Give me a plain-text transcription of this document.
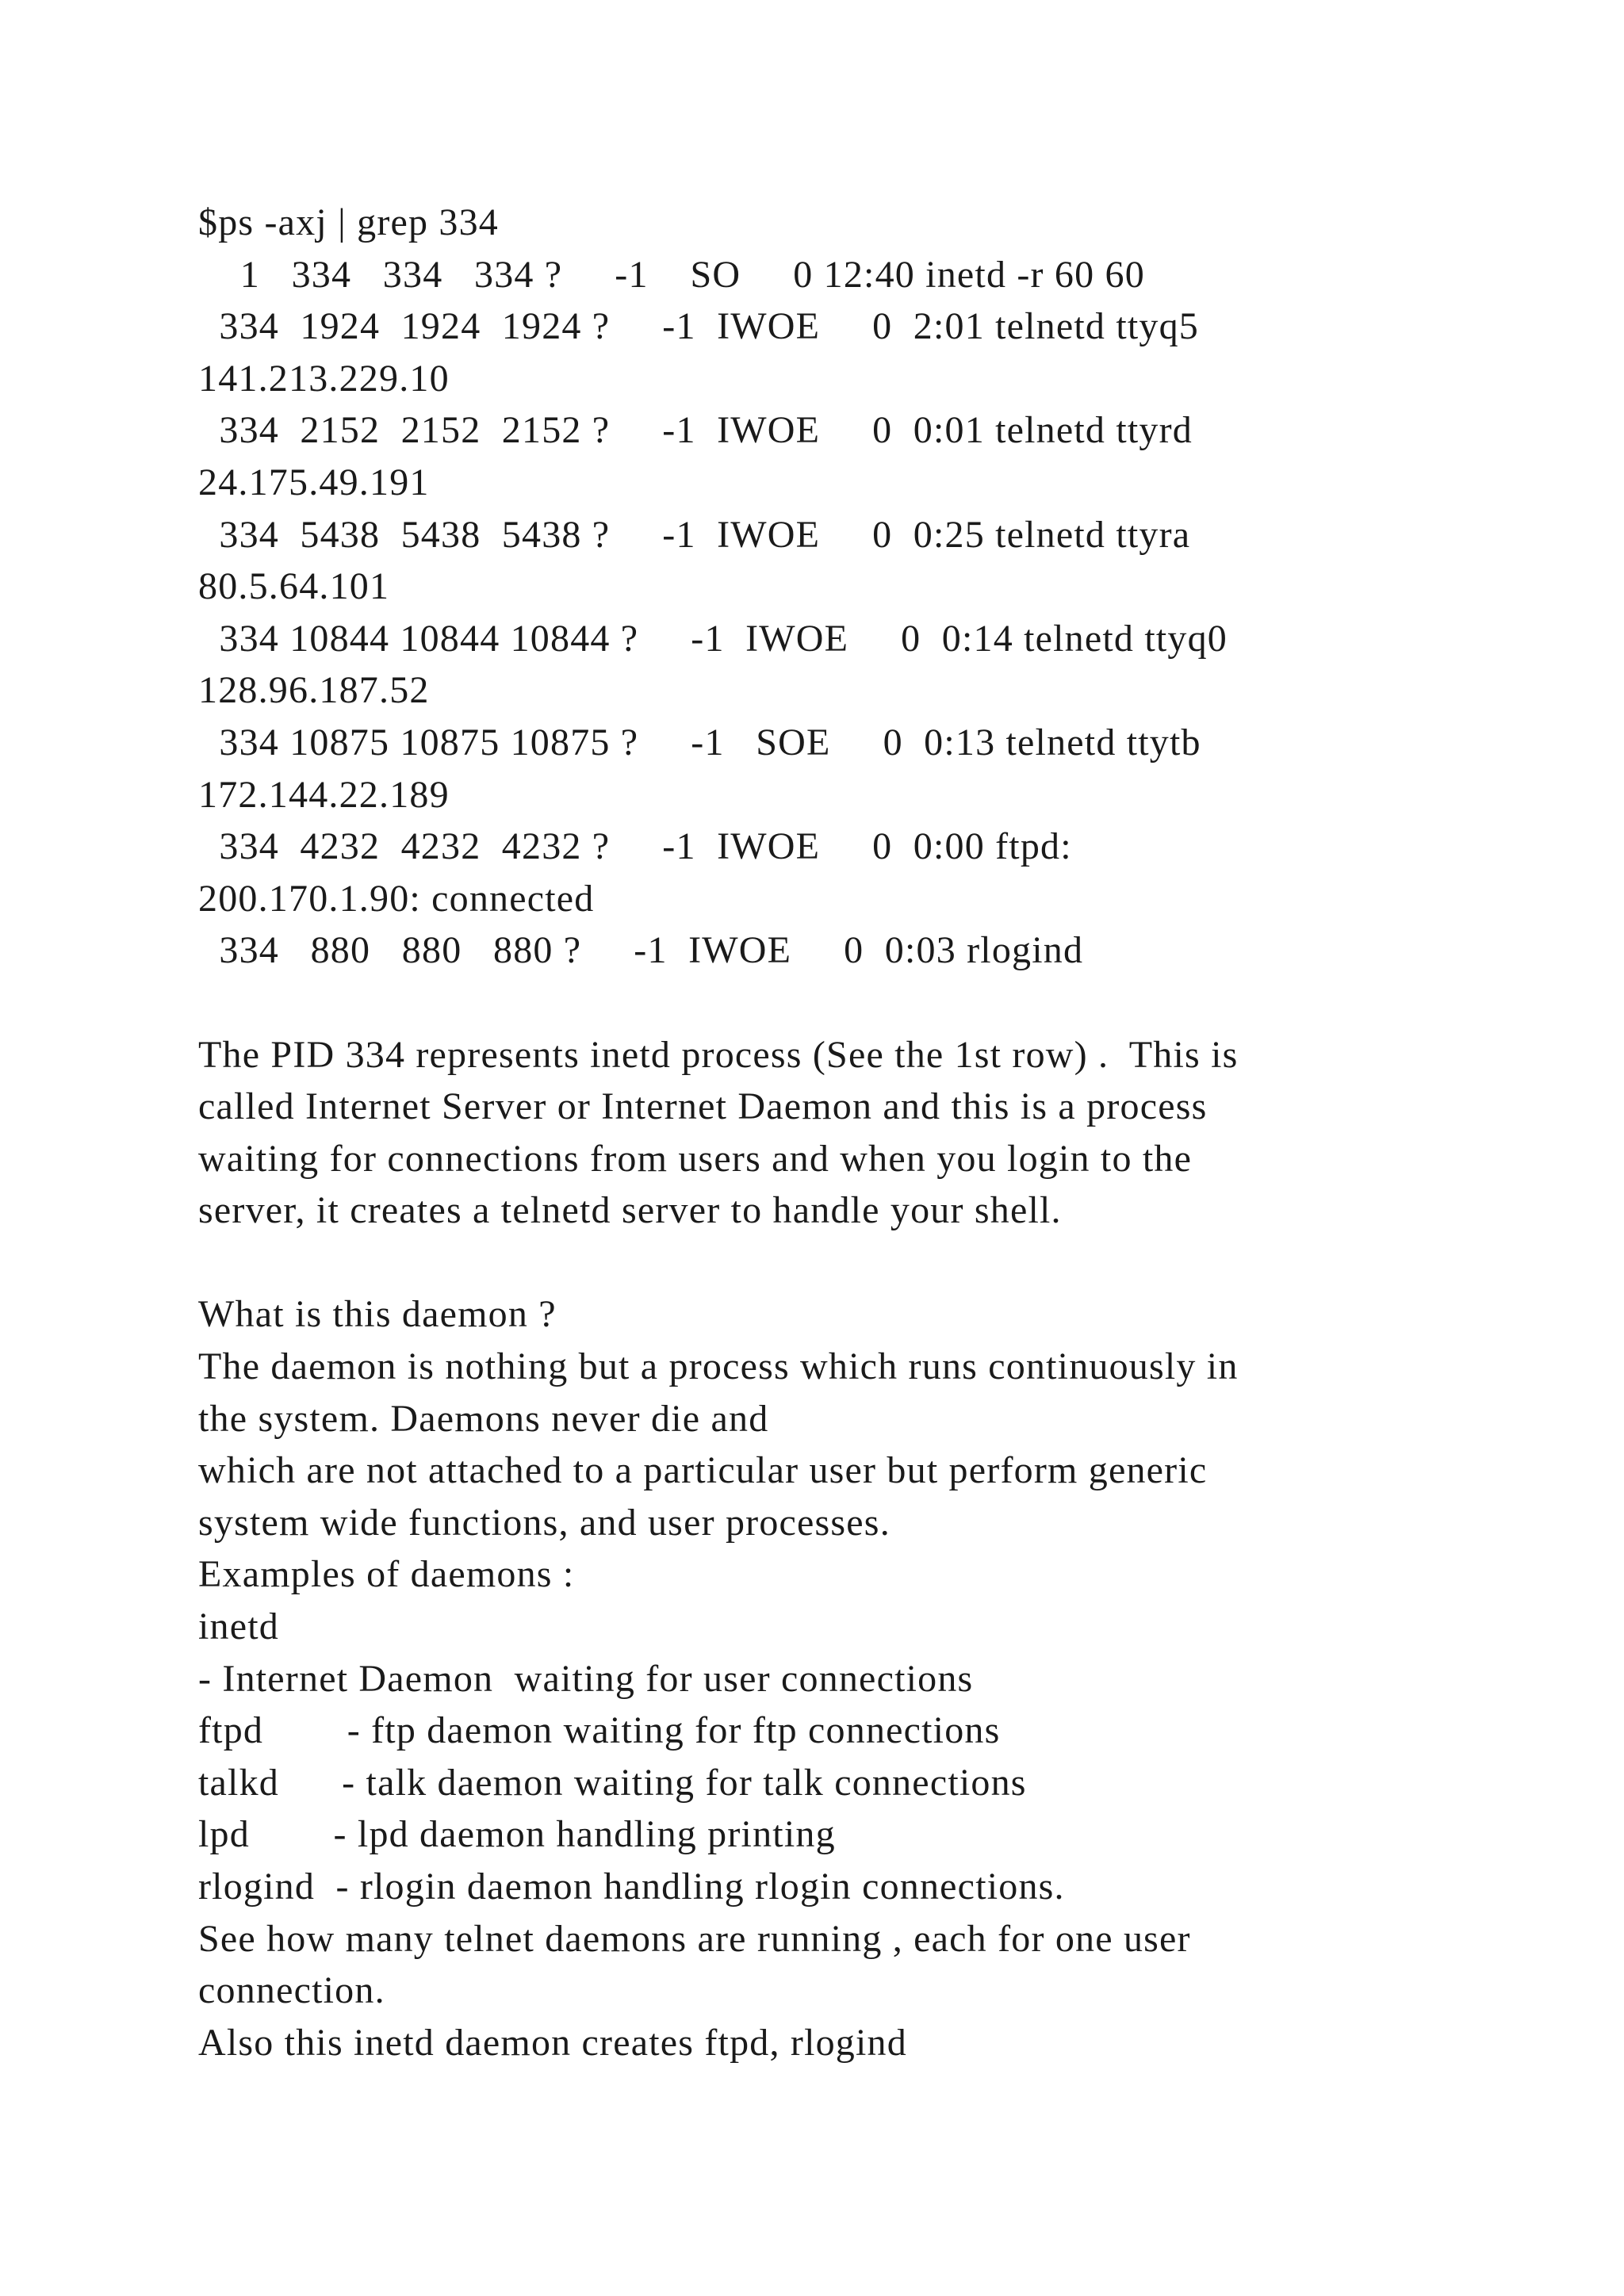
$ps -axj | grep 334
1   334   334   334 ?     -1    SO     0 12:40 inetd -r 60 60
334  1924  1924  1924 ?     -1  IWOE     0  2:01 telnetd ttyq5
141.213.229.10
334  2152  2152  2152 ?     -1  IWOE     0  0:01 telnetd ttyrd
24.175.49.191
334  5438  5438  5438 ?     -1  IWOE     0  0:25 telnetd ttyra
80.5.64.101
334 10844 10844 10844 ?     -1  IWOE     0  0:14 telnetd ttyq0
128.96.187.52
334 10875 10875 10875 ?     -1   SOE     0  0:13 telnetd ttytb
172.144.22.189
334  4232  4232  4232 ?     -1  IWOE     0  0:00 ftpd:
200.170.1.90: connected
334   880   880   880 ?     -1  IWOE     0  0:03 rlogind
The PID 334 represents inetd process (See the 1st row) .  This is
called Internet Server or Internet Daemon and this is a process
waiting for connections from users and when you login to the
server, it creates a telnetd server to handle your shell.
What is this daemon ?
The daemon is nothing but a process which runs continuously in
the system. Daemons never die and
which are not attached to a particular user but perform generic
system wide functions, and user processes.
Examples of daemons :
inetd
- Internet Daemon  waiting for user connections
ftpd        - ftp daemon waiting for ftp connections
talkd      - talk daemon waiting for talk connections
lpd        - lpd daemon handling printing
rlogind  - rlogin daemon handling rlogin connections.
See how many telnet daemons are running , each for one user
connection.
Also this inetd daemon creates ftpd, rlogind
